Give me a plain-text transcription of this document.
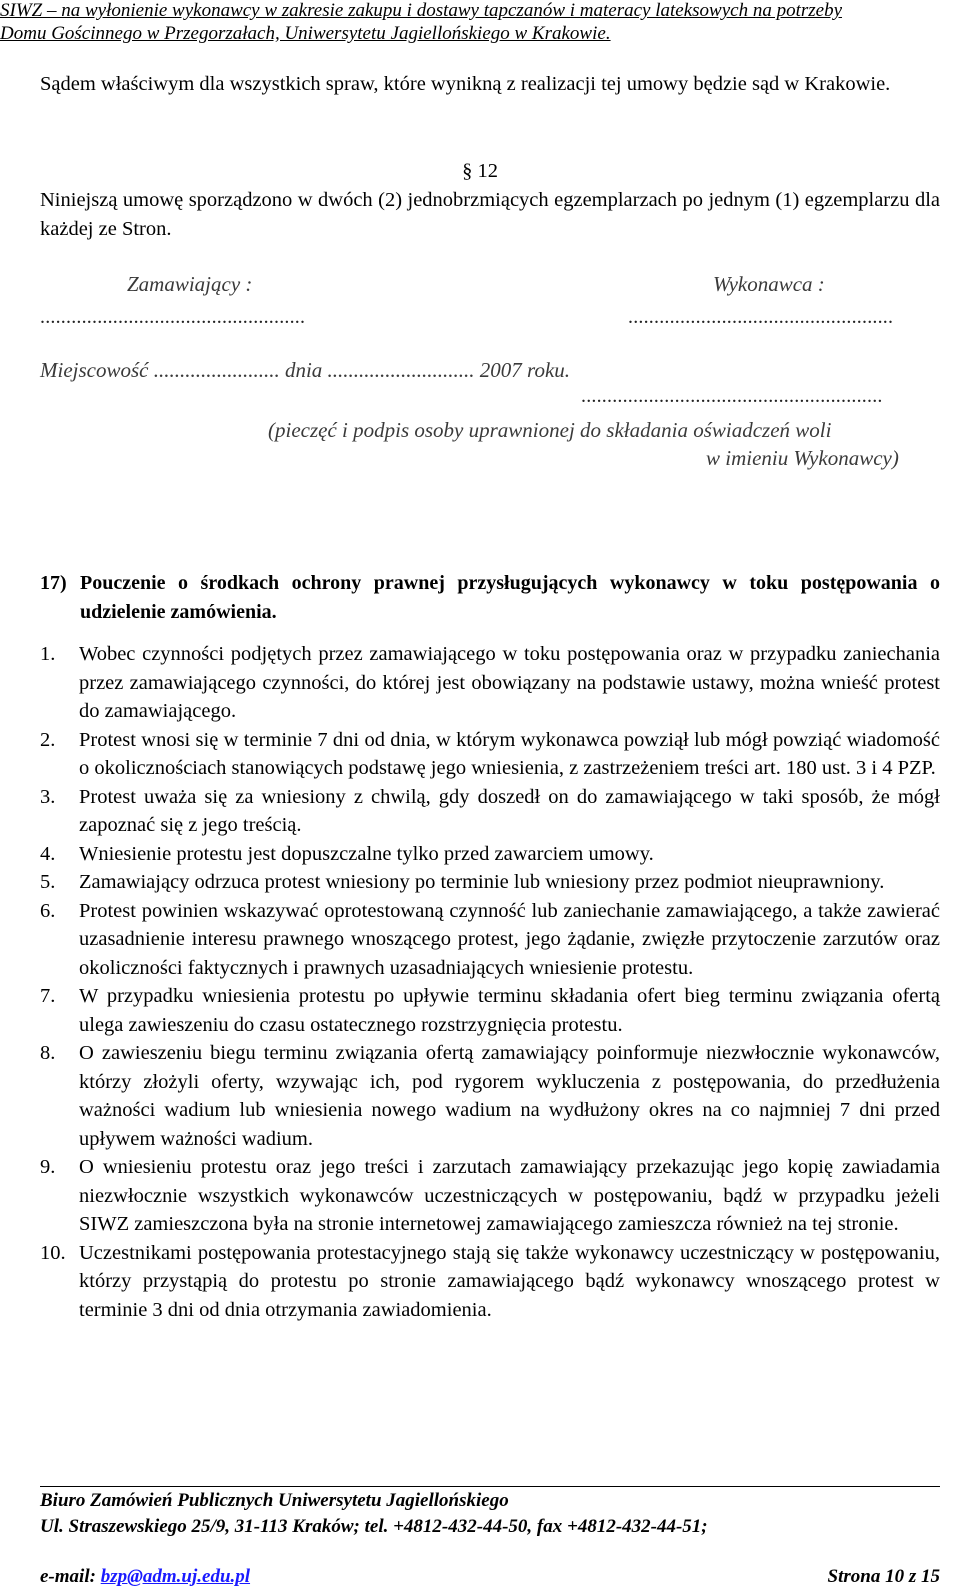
SIWZ – na wyłonienie wykonawcy w zakresie zakupu i dostawy tapczanów i materacy lateksowych na potrzeby
Domu Gościnnego w Przegorzałach, Uniwersytetu Jagiellońskiego w Krakowie.

Sądem właściwym dla wszystkich spraw, które wynikną z realizacji tej umowy będzie sąd w Krakowie.

§ 12

Niniejszą umowę sporządzono w dwóch (2) jednobrzmiących egzemplarzach po jednym (1) egzemplarzu dla każdej ze Stron.

Zamawiający :	Wykonawca :
...................................................	...................................................
Miejscowość ........................ dnia ............................ 2007 roku.
..........................................................
(pieczęć i podpis osoby uprawnionej do składania oświadczeń woli
w imieniu Wykonawcy)
17) Pouczenie o środkach ochrony prawnej przysługujących wykonawcy w toku postępowania o udzielenie zamówienia.
1. Wobec czynności podjętych przez zamawiającego w toku postępowania oraz w przypadku zaniechania przez zamawiającego czynności, do której jest obowiązany na podstawie ustawy, można wnieść protest do zamawiającego.
2. Protest wnosi się w terminie 7 dni od dnia, w którym wykonawca powziął lub mógł powziąć wiadomość o okolicznościach stanowiących podstawę jego wniesienia, z zastrzeżeniem treści art. 180 ust. 3 i 4 PZP.
3. Protest uważa się za wniesiony z chwilą, gdy doszedł on do zamawiającego w taki sposób, że mógł zapoznać się z jego treścią.
4. Wniesienie protestu jest dopuszczalne tylko przed zawarciem umowy.
5. Zamawiający odrzuca protest wniesiony po terminie lub wniesiony przez podmiot nieuprawniony.
6. Protest powinien wskazywać oprotestowaną czynność lub zaniechanie zamawiającego, a także zawierać uzasadnienie interesu prawnego wnoszącego protest, jego żądanie, zwięzłe przytoczenie zarzutów oraz okoliczności faktycznych i prawnych uzasadniających wniesienie protestu.
7. W przypadku wniesienia protestu po upływie terminu składania ofert bieg terminu związania ofertą ulega zawieszeniu do czasu ostatecznego rozstrzygnięcia protestu.
8. O zawieszeniu biegu terminu związania ofertą zamawiający poinformuje niezwłocznie wykonawców, którzy złożyli oferty, wzywając ich, pod rygorem wykluczenia z postępowania, do przedłużenia ważności wadium lub wniesienia nowego wadium na wydłużony okres na co najmniej 7 dni przed upływem ważności wadium.
9. O wniesieniu protestu oraz jego treści i zarzutach zamawiający przekazując jego kopię zawiadamia niezwłocznie wszystkich wykonawców uczestniczących w postępowaniu, bądź w przypadku jeżeli SIWZ zamieszczona była na stronie internetowej zamawiającego zamieszcza również na tej stronie.
10. Uczestnikami postępowania protestacyjnego stają się także wykonawcy uczestniczący w postępowaniu, którzy przystąpią do protestu po stronie zamawiającego bądź wykonawcy wnoszącego protest w terminie 3 dni od dnia otrzymania zawiadomienia.
Biuro Zamówień Publicznych Uniwersytetu Jagiellońskiego
Ul. Straszewskiego 25/9, 31-113 Kraków; tel. +4812-432-44-50, fax +4812-432-44-51;
e-mail: bzp@adm.uj.edu.pl	Strona 10 z 15
